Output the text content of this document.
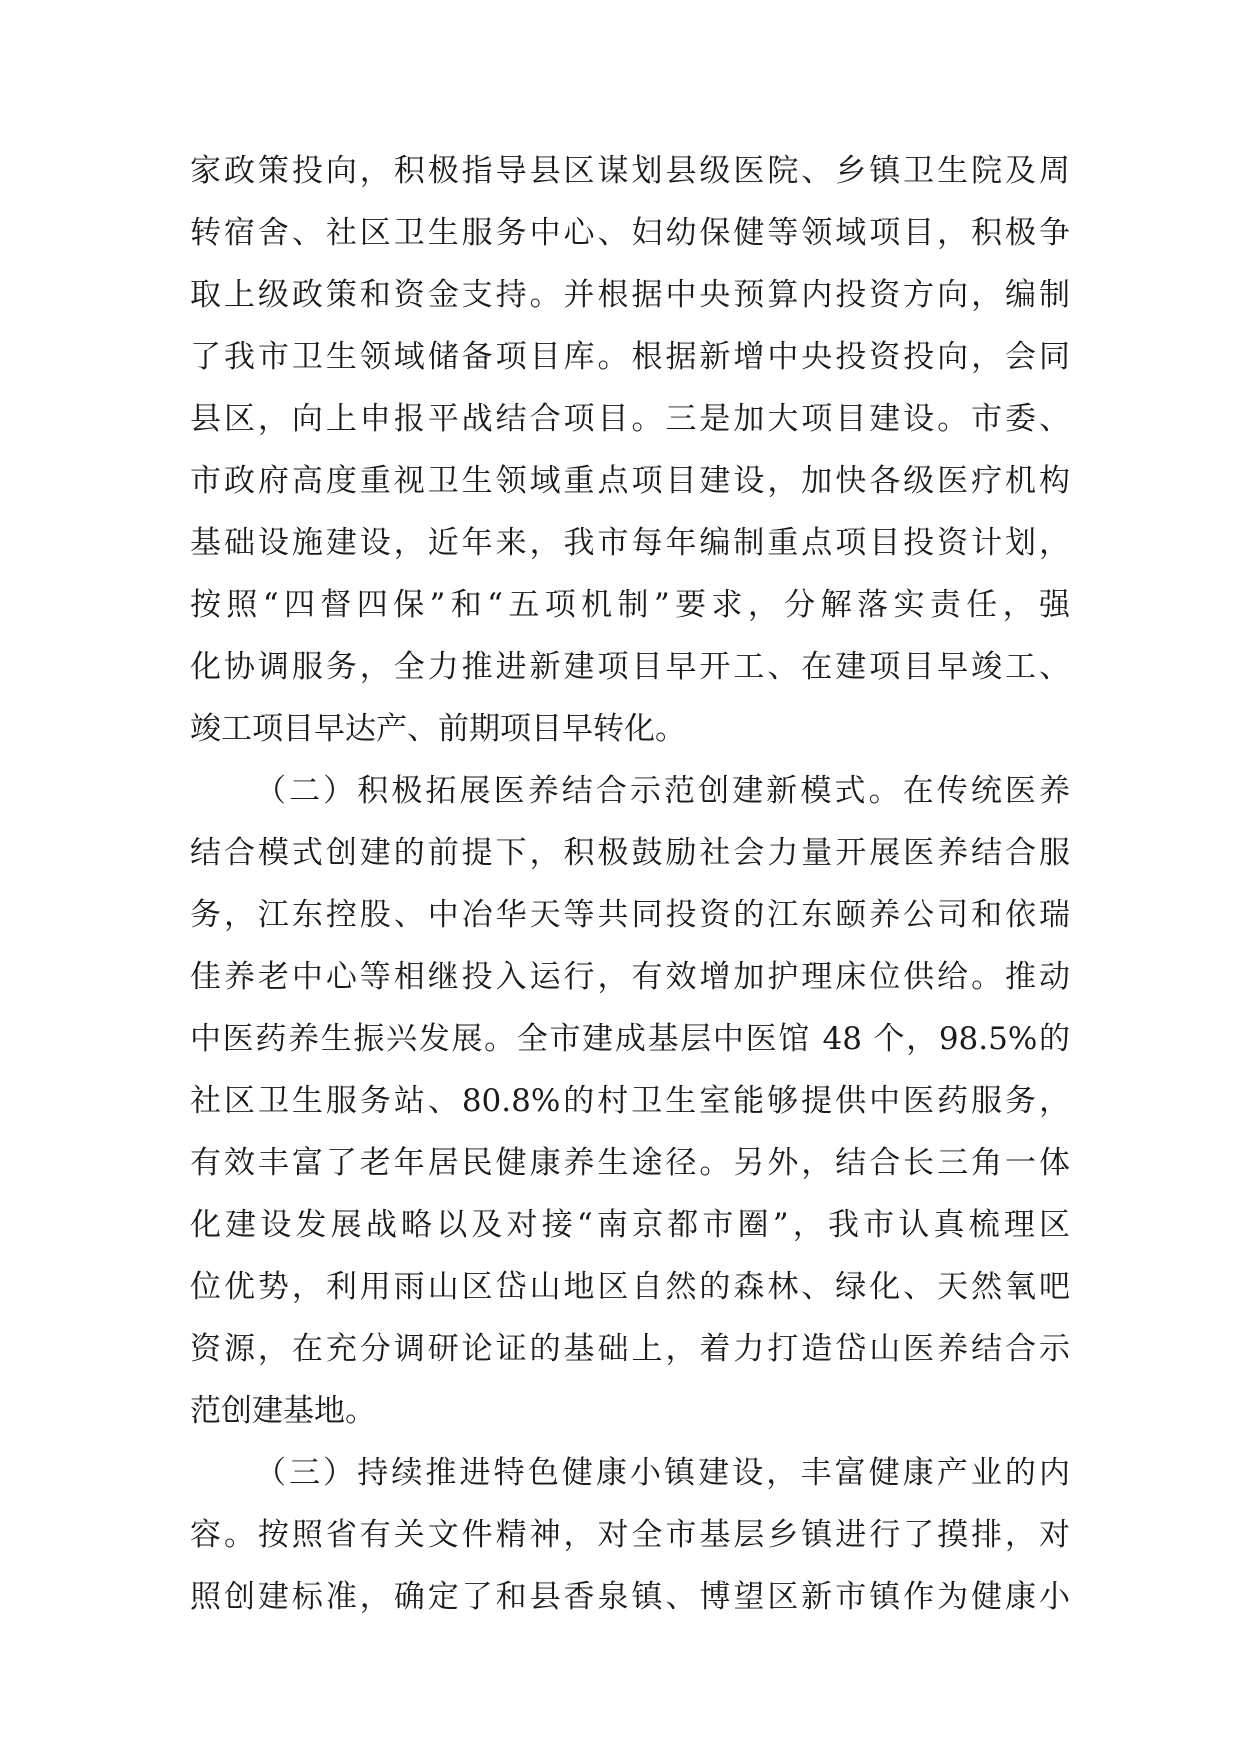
家政策投向，积极指导县区谋划县级医院、乡镇卫生院及周
转宿舍、社区卫生服务中心、妇幼保健等领域项目，积极争
取上级政策和资金支持。并根据中央预算内投资方向，编制
了我市卫生领域储备项目库。根据新增中央投资投向，会同
县区，向上申报平战结合项目。三是加大项目建设。市委、
市政府高度重视卫生领域重点项目建设，加快各级医疗机构
基础设施建设，近年来，我市每年编制重点项目投资计划，
按照“四督四保”和“五项机制”要求，分解落实责任，强
化协调服务，全力推进新建项目早开工、在建项目早竣工、
竣工项目早达产、前期项目早转化。
（二）积极拓展医养结合示范创建新模式。在传统医养
结合模式创建的前提下，积极鼓励社会力量开展医养结合服
务，江东控股、中冶华天等共同投资的江东颐养公司和依瑞
佳养老中心等相继投入运行，有效增加护理床位供给。推动
中医药养生振兴发展。全市建成基层中医馆 48 个，98.5%的
社区卫生服务站、80.8%的村卫生室能够提供中医药服务，
有效丰富了老年居民健康养生途径。另外，结合长三角一体
化建设发展战略以及对接“南京都市圈”，我市认真梳理区
位优势，利用雨山区岱山地区自然的森林、绿化、天然氧吧
资源，在充分调研论证的基础上，着力打造岱山医养结合示
范创建基地。
（三）持续推进特色健康小镇建设，丰富健康产业的内
容。按照省有关文件精神，对全市基层乡镇进行了摸排，对
照创建标准，确定了和县香泉镇、博望区新市镇作为健康小
